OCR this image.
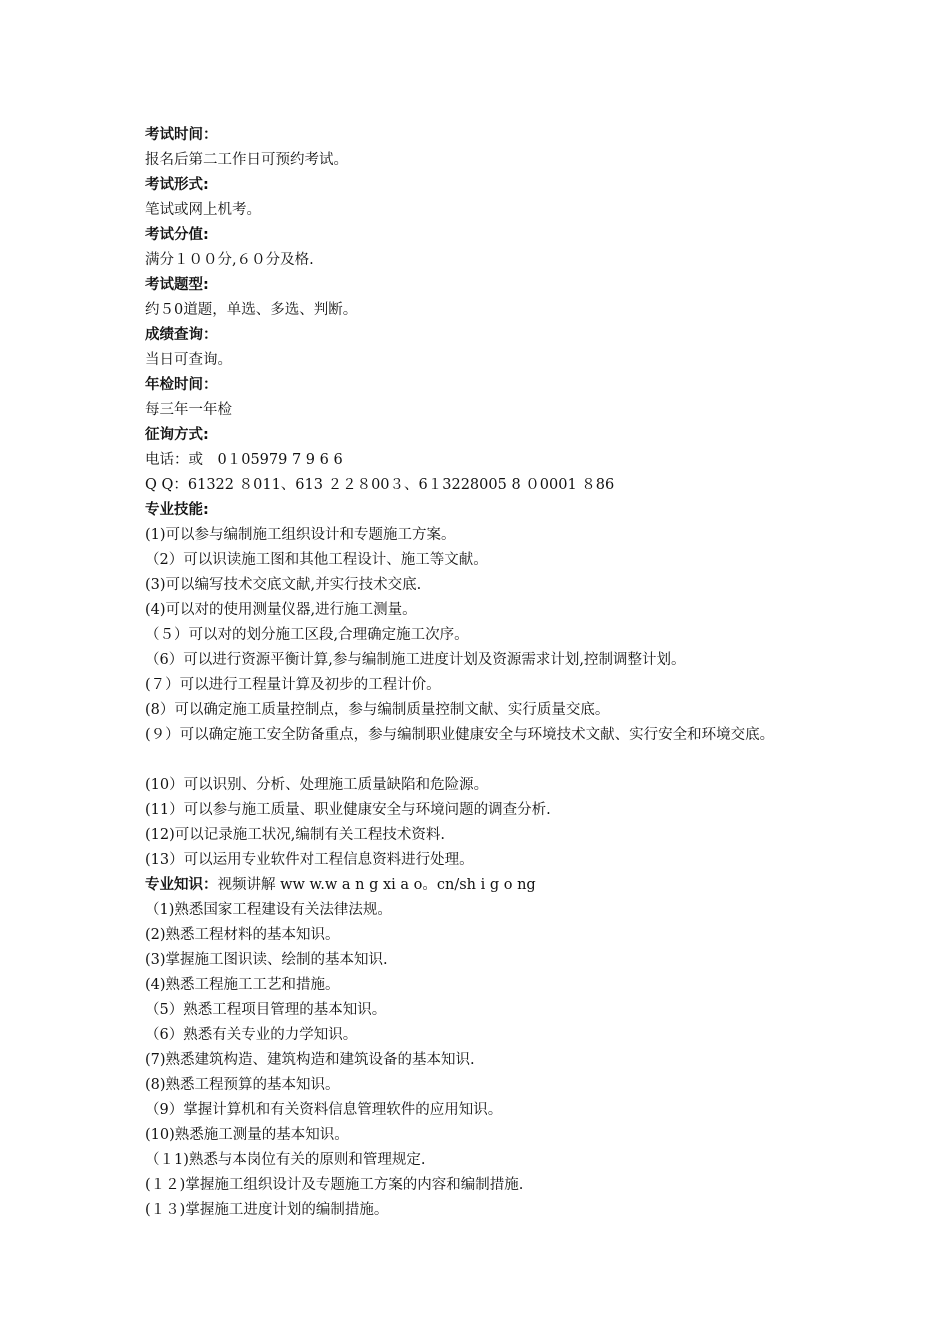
考试时间：
报名后第二工作日可预约考试。
考试形式:
笔试或网上机考。
考试分值:
满分１００分,６０分及格.
考试题型:
约５0道题，单选、多选、判断。
成绩查询：
当日可查询。
年检时间：
每三年一年检
征询方式:
电话：或　0１05979 7 9 6 6
Q Q：61322 ８011、613 ２２８00３、6１3228005 8 ０0001 ８86
专业技能:
(1)可以参与编制施工组织设计和专题施工方案。
（2）可以识读施工图和其他工程设计、施工等文献。
(3)可以编写技术交底文献,并实行技术交底.
(4)可以对的使用测量仪器,进行施工测量。
（５）可以对的划分施工区段,合理确定施工次序。
（6）可以进行资源平衡计算,参与编制施工进度计划及资源需求计划,控制调整计划。
(７）可以进行工程量计算及初步的工程计价。
(8）可以确定施工质量控制点，参与编制质量控制文献、实行质量交底。
(９）可以确定施工安全防备重点，参与编制职业健康安全与环境技术文献、实行安全和环境交底。
(10）可以识别、分析、处理施工质量缺陷和危险源。
(11）可以参与施工质量、职业健康安全与环境问题的调查分析.
(12)可以记录施工状况,编制有关工程技术资料.
(13）可以运用专业软件对工程信息资料进行处理。
专业知识：视频讲解 ww w.w a n g xi a o。cn/sh i g o ng
（1)熟悉国家工程建设有关法律法规。
(2)熟悉工程材料的基本知识。
(3)掌握施工图识读、绘制的基本知识.
(4)熟悉工程施工工艺和措施。
（5）熟悉工程项目管理的基本知识。
（6）熟悉有关专业的力学知识。
(7)熟悉建筑构造、建筑构造和建筑设备的基本知识.
(8)熟悉工程预算的基本知识。
（9）掌握计算机和有关资料信息管理软件的应用知识。
(10)熟悉施工测量的基本知识。
（１1)熟悉与本岗位有关的原则和管理规定.
(１２)掌握施工组织设计及专题施工方案的内容和编制措施.
(１３)掌握施工进度计划的编制措施。
